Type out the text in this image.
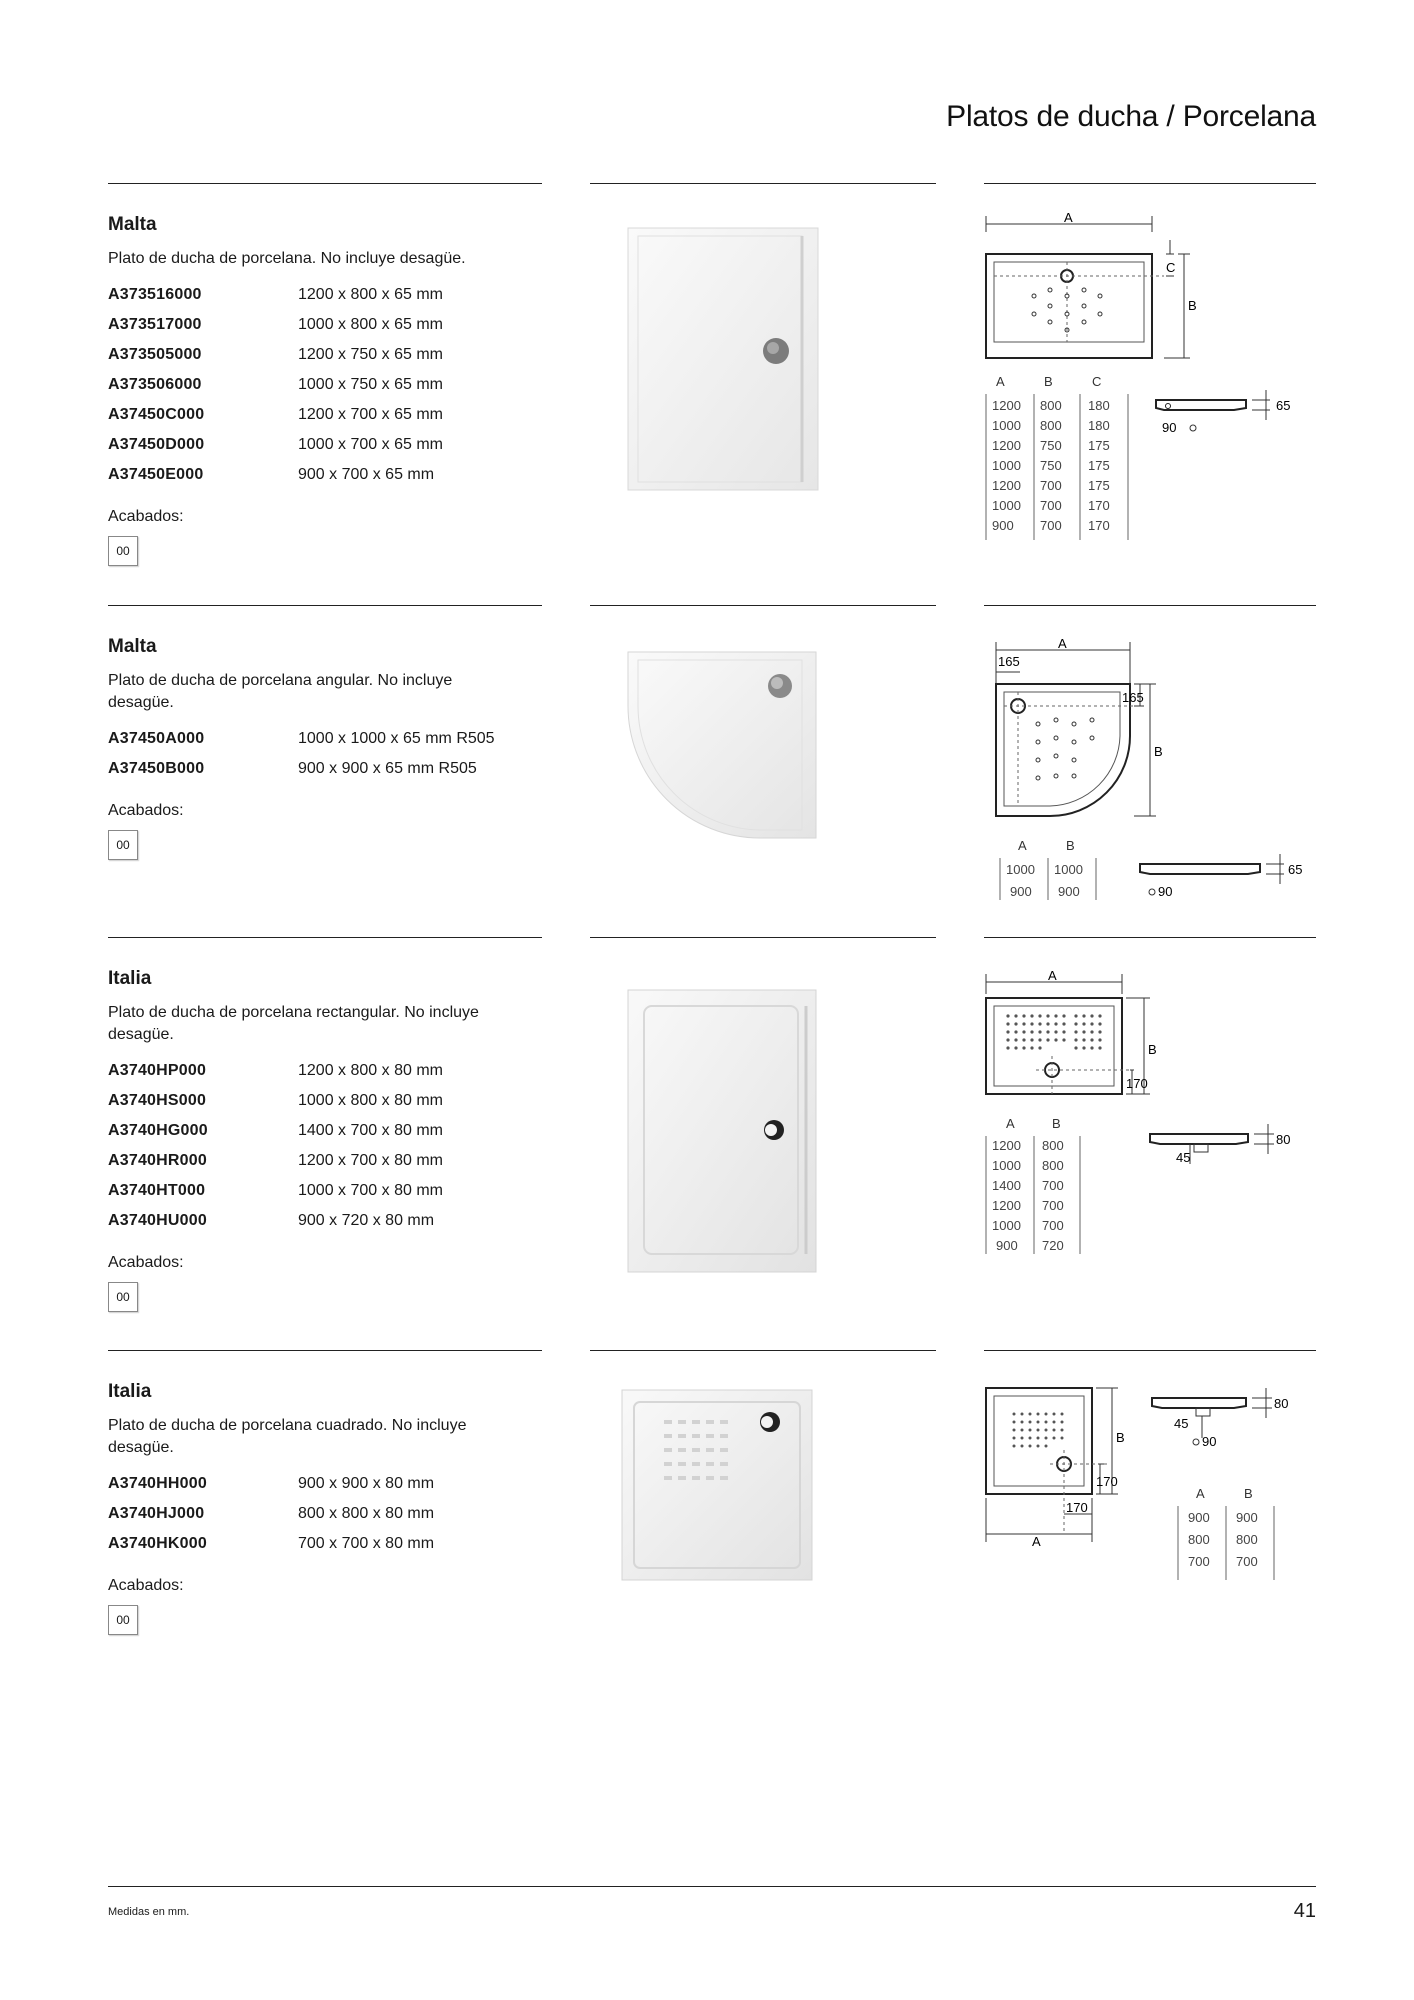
Platos de ducha / Porcelana
Malta
Plato de ducha de porcelana. No incluye desagüe.
A373516000	1200 x 800 x 65 mm
A373517000	1000 x 800 x 65 mm
A373505000	1200 x 750 x 65 mm
A373506000	1000 x 750 x 65 mm
A37450C000	1200 x 700 x 65 mm
A37450D000	1000 x 700 x 65 mm
A37450E000	900 x 700 x 65 mm
Acabados:
00
A
C
B
A	B	C
1200 800 180
1000 800 180
1200 750 175
1000 750 175
1200 700 175
1000 700 170
900 700 170
65
90
Malta
Plato de ducha de porcelana angular. No incluye desagüe.
A37450A000	1000 x 1000 x 65 mm R505
A37450B000	900 x 900 x 65 mm R505
Acabados:
00
A
165
165
B
A	B
1000 1000
900 900
65
90
Italia
Plato de ducha de porcelana rectangular. No incluye desagüe.
A3740HP000	1200 x 800 x 80 mm
A3740HS000	1000 x 800 x 80 mm
A3740HG000	1400 x 700 x 80 mm
A3740HR000	1200 x 700 x 80 mm
A3740HT000	1000 x 700 x 80 mm
A3740HU000	900 x 720 x 80 mm
Acabados:
00
A
B
170
A	B
1200 800
1000 800
1400 700
1200 700
1000 700
900 720
80
45
Italia
Plato de ducha de porcelana cuadrado. No incluye desagüe.
A3740HH000	900 x 900 x 80 mm
A3740HJ000	800 x 800 x 80 mm
A3740HK000	700 x 700 x 80 mm
Acabados:
00
B
170
A
170
80
45
90
A	B
900 900
800 800
700 700
Medidas en mm.	41
